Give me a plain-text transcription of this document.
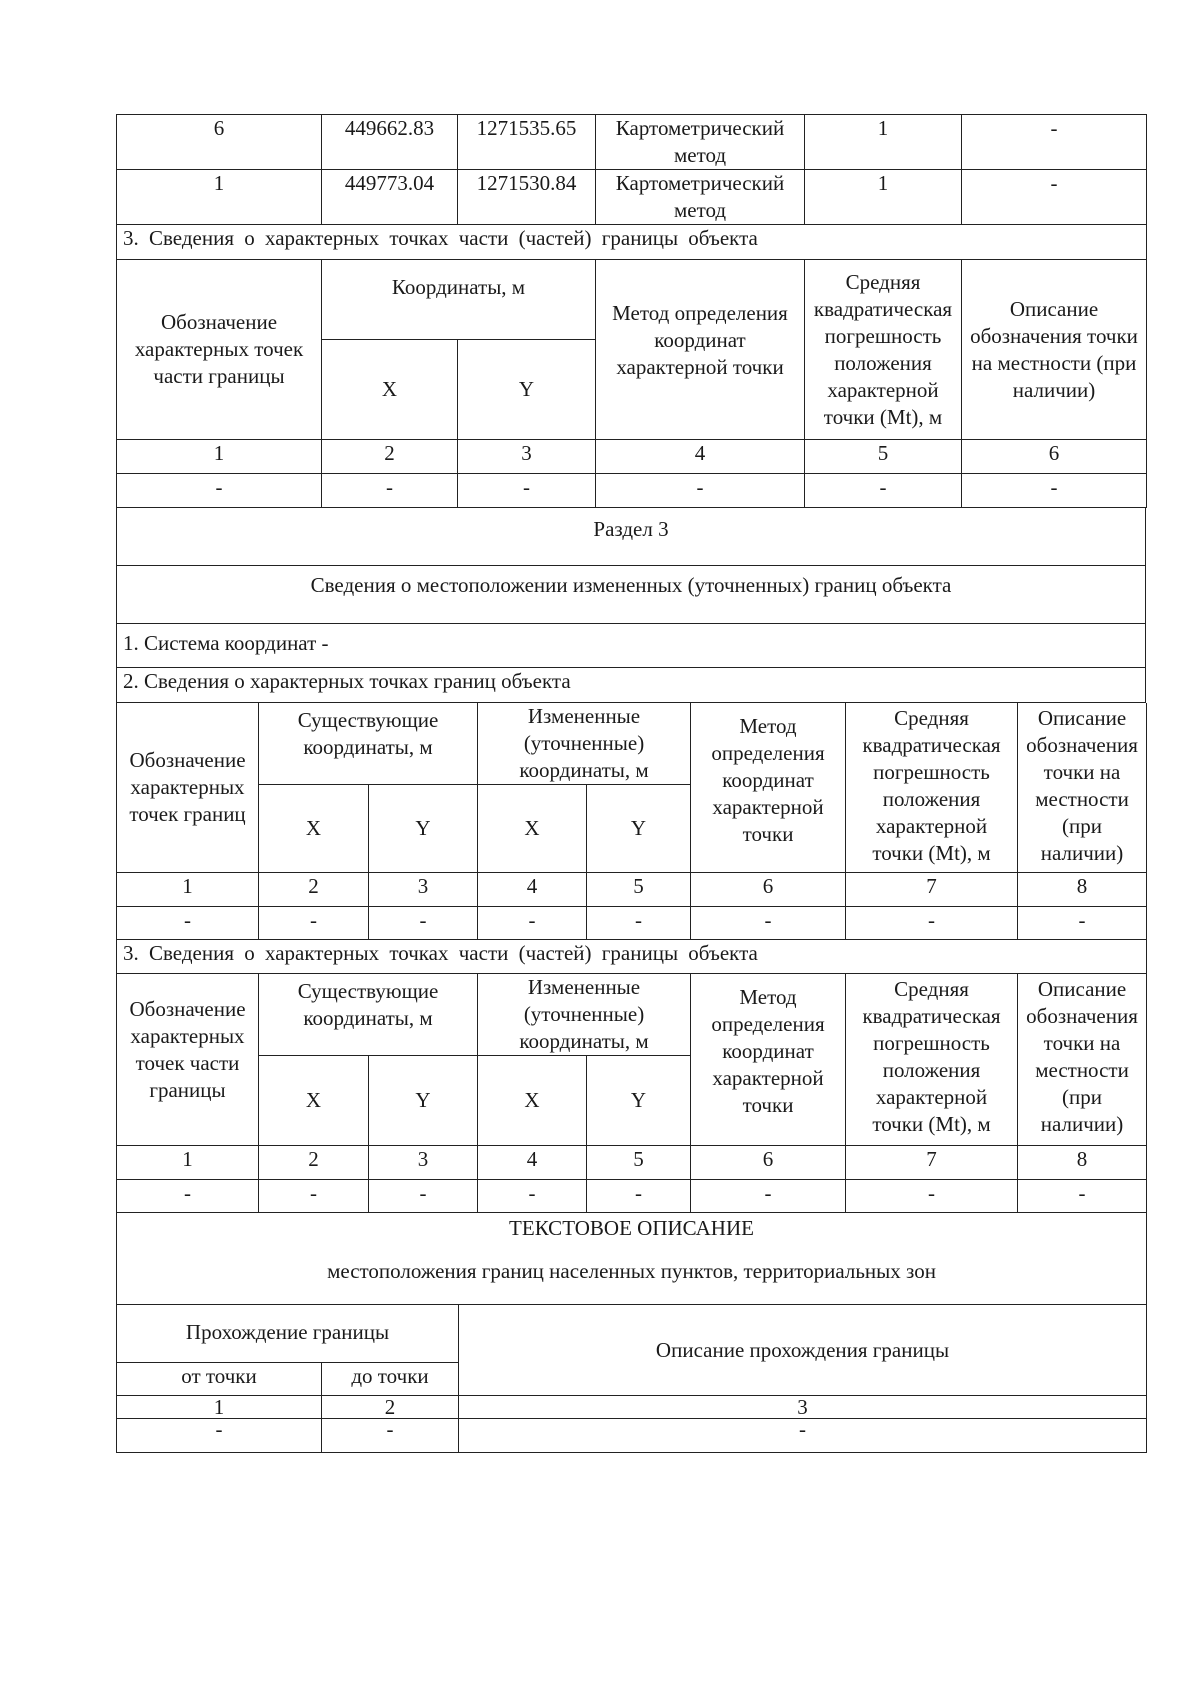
6	449662.83	1271535.65	Картометрический метод	1	-
1	449773.04	1271530.84	Картометрический метод	1	-
3. Сведения о характерных точках части (частей) границы объекта					
Обозначение характерных точек части границы	Координаты, м		Метод определения координат характерной точки	Средняя квадратическая погрешность положения характерной точки (Mt), м	Описание обозначения точки на местности (при наличии)
	X	Y			
1	2	3	4	5	6
-	-	-	-	-	-
Раздел 3
Сведения о местоположении измененных (уточненных) границ объекта
1. Система координат -
2. Сведения о характерных точках границ объекта
Обозначение характерных точек границ	Существующие координаты, м		Измененные (уточненные) координаты, м		Метод определения координат характерной точки	Средняя квадратическая погрешность положения характерной точки (Mt), м	Описание обозначения точки на местности (при наличии)
	X	Y	X	Y			
1	2	3	4	5	6	7	8
-	-	-	-	-	-	-	-
3. Сведения о характерных точках части (частей) границы объекта							
Обозначение характерных точек части границы	Существующие координаты, м		Измененные (уточненные) координаты, м		Метод определения координат характерной точки	Средняя квадратическая погрешность положения характерной точки (Mt), м	Описание обозначения точки на местности (при наличии)
	X	Y	X	Y			
1	2	3	4	5	6	7	8
-	-	-	-	-	-	-	-
ТЕКСТОВОЕ ОПИСАНИЕ
местоположения границ населенных пунктов, территориальных зон		

Прохождение границы		Описание прохождения границы
от точки	до точки	
1	2	3
-	-	-
